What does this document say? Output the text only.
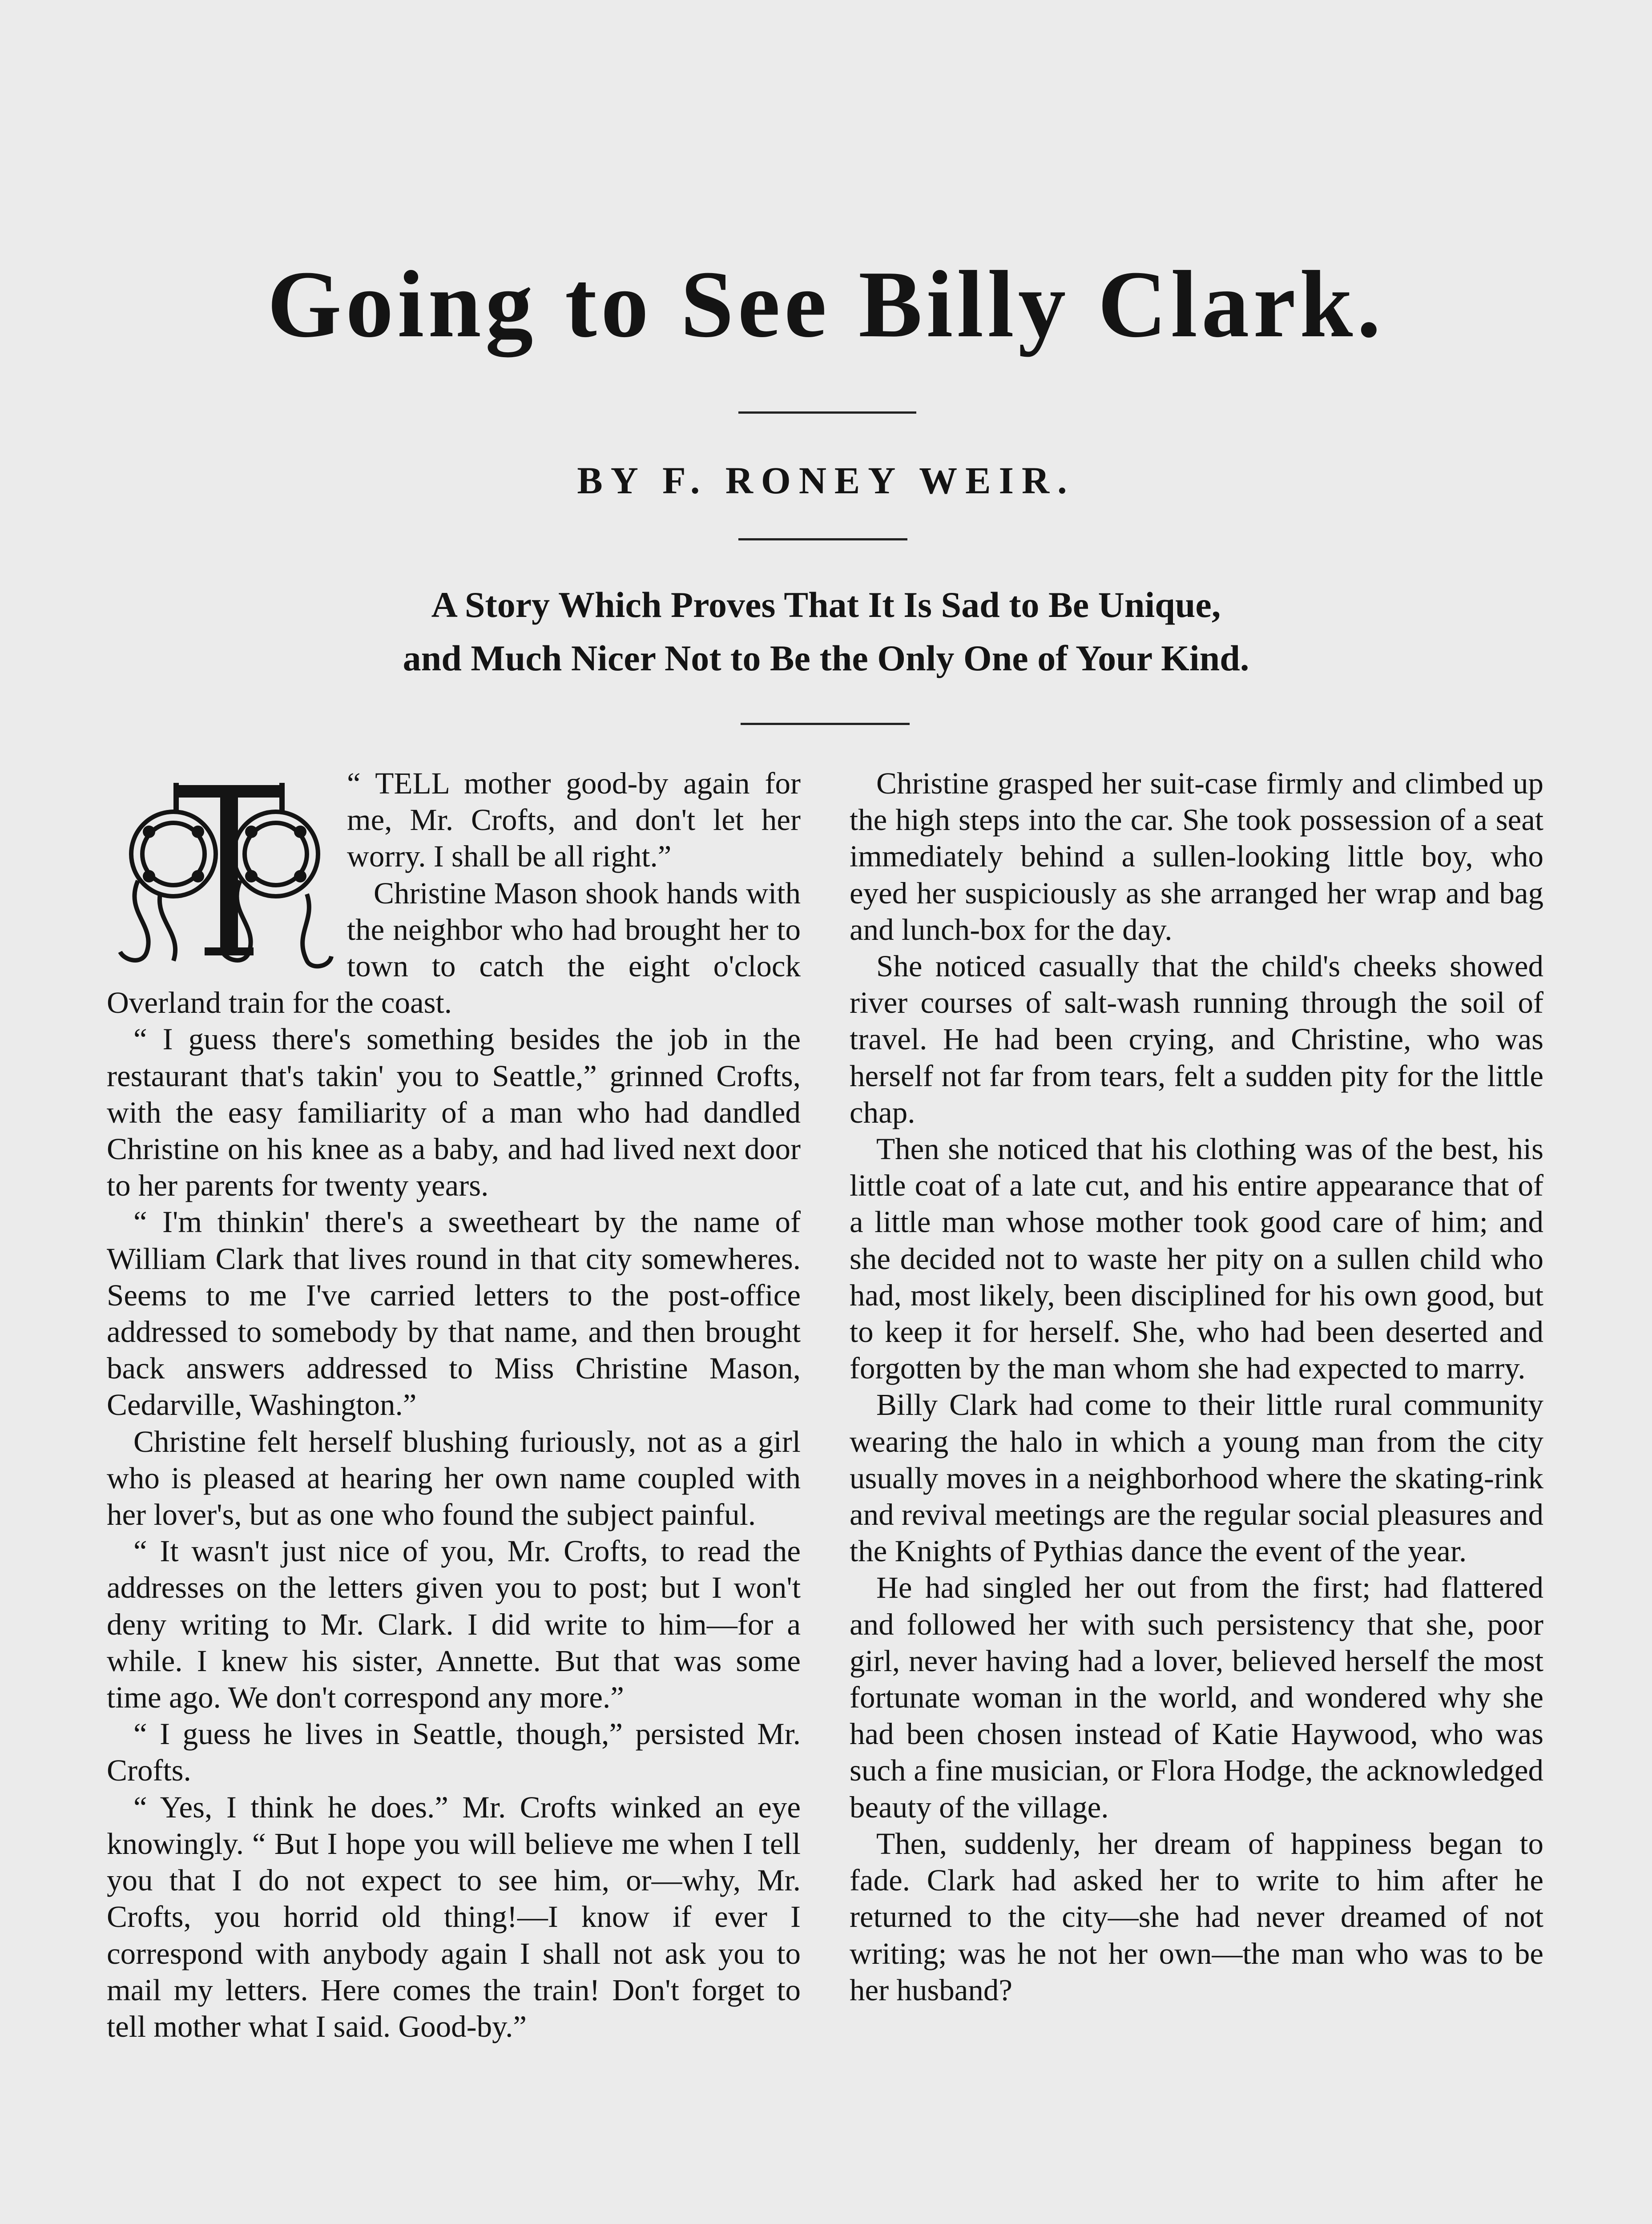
Going to See Billy Clark.
BY F. RONEY WEIR.
A Story Which Proves That It Is Sad to Be Unique,
and Much Nicer Not to Be the Only One of Your Kind.

“ TELL mother good-by again for me, Mr. Crofts, and don't let her worry. I shall be all right.”

Christine Mason shook hands with the neighbor who had brought her to town to catch the eight o'clock Overland train for the coast.

“ I guess there's something besides the job in the restaurant that's takin' you to Seattle,” grinned Crofts, with the easy familiarity of a man who had dandled Christine on his knee as a baby, and had lived next door to her parents for twenty years.

“ I'm thinkin' there's a sweetheart by the name of William Clark that lives round in that city somewheres. Seems to me I've carried letters to the post-office addressed to somebody by that name, and then brought back answers addressed to Miss Christine Mason, Cedarville, Washington.”

Christine felt herself blushing furiously, not as a girl who is pleased at hearing her own name coupled with her lover's, but as one who found the subject painful.

“ It wasn't just nice of you, Mr. Crofts, to read the addresses on the letters given you to post; but I won't deny writing to Mr. Clark. I did write to him—for a while. I knew his sister, Annette. But that was some time ago. We don't correspond any more.”

“ I guess he lives in Seattle, though,” persisted Mr. Crofts.

“ Yes, I think he does.” Mr. Crofts winked an eye knowingly. “ But I hope you will believe me when I tell you that I do not expect to see him, or—why, Mr. Crofts, you horrid old thing!—I know if ever I correspond with anybody again I shall not ask you to mail my letters. Here comes the train! Don't forget to tell mother what I said. Good-by.”

Christine grasped her suit-case firmly and climbed up the high steps into the car. She took possession of a seat immediately behind a sullen-looking little boy, who eyed her suspiciously as she arranged her wrap and bag and lunch-box for the day.

She noticed casually that the child's cheeks showed river courses of salt-wash running through the soil of travel. He had been crying, and Christine, who was herself not far from tears, felt a sudden pity for the little chap.

Then she noticed that his clothing was of the best, his little coat of a late cut, and his entire appearance that of a little man whose mother took good care of him; and she decided not to waste her pity on a sullen child who had, most likely, been disciplined for his own good, but to keep it for herself. She, who had been deserted and forgotten by the man whom she had expected to marry.

Billy Clark had come to their little rural community wearing the halo in which a young man from the city usually moves in a neighborhood where the skating-rink and revival meetings are the regular social pleasures and the Knights of Pythias dance the event of the year.

He had singled her out from the first; had flattered and followed her with such persistency that she, poor girl, never having had a lover, believed herself the most fortunate woman in the world, and wondered why she had been chosen instead of Katie Haywood, who was such a fine musician, or Flora Hodge, the acknowledged beauty of the village.

Then, suddenly, her dream of happiness began to fade. Clark had asked her to write to him after he returned to the city—she had never dreamed of not writing; was he not her own—the man who was to be her husband?
